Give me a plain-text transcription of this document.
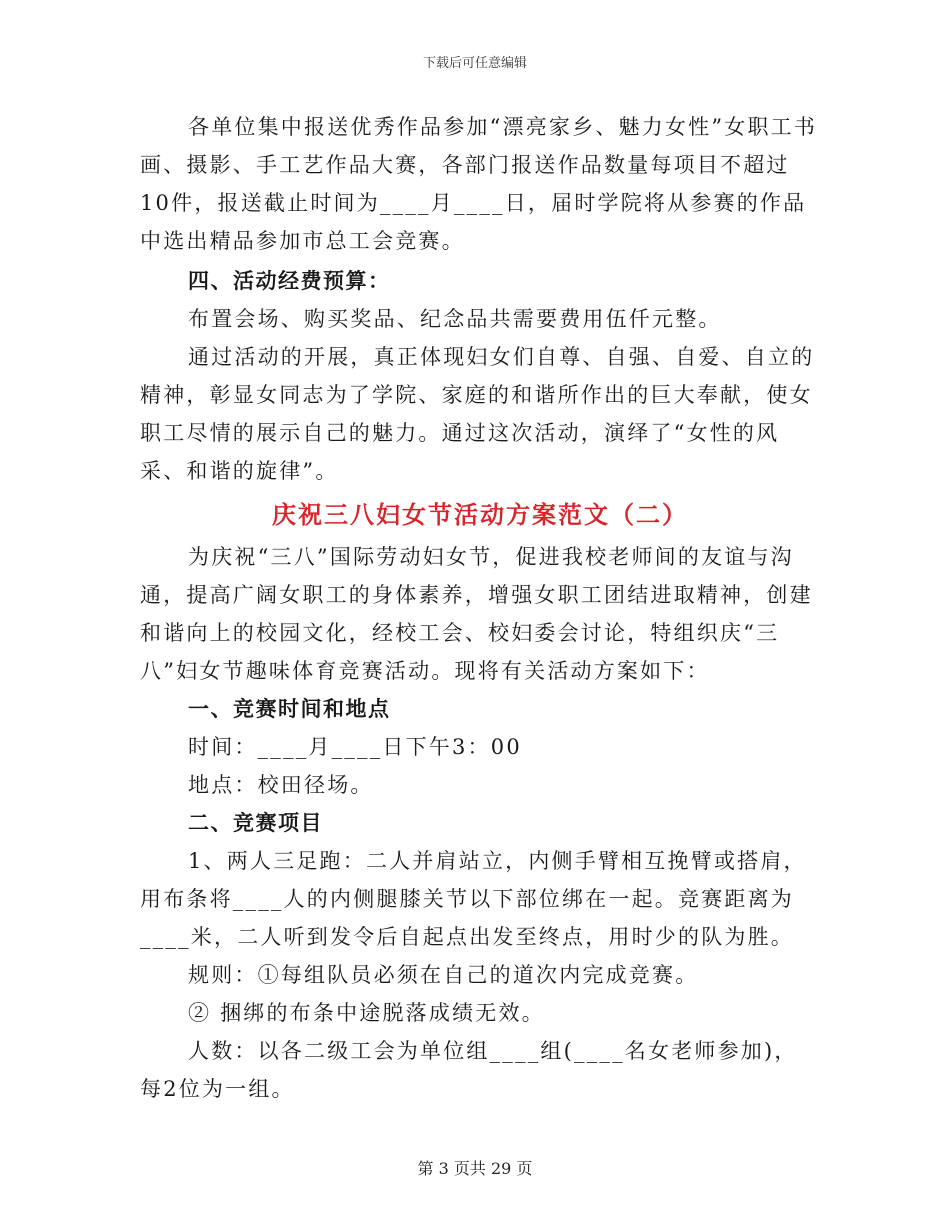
下载后可任意编辑

各单位集中报送优秀作品参加“漂亮家乡、魅力女性”女职工书画、摄影、手工艺作品大赛，各部门报送作品数量每项目不超过10件，报送截止时间为____月____日，届时学院将从参赛的作品中选出精品参加市总工会竞赛。

四、活动经费预算：

布置会场、购买奖品、纪念品共需要费用伍仟元整。

通过活动的开展，真正体现妇女们自尊、自强、自爱、自立的精神，彰显女同志为了学院、家庭的和谐所作出的巨大奉献，使女职工尽情的展示自己的魅力。通过这次活动，演绎了“女性的风采、和谐的旋律”。

庆祝三八妇女节活动方案范文（二）

为庆祝“三八”国际劳动妇女节，促进我校老师间的友谊与沟通，提高广阔女职工的身体素养，增强女职工团结进取精神，创建和谐向上的校园文化，经校工会、校妇委会讨论，特组织庆“三八”妇女节趣味体育竞赛活动。现将有关活动方案如下：

一、竞赛时间和地点

时间：____月____日下午3：00

地点：校田径场。

二、竞赛项目

1、两人三足跑：二人并肩站立，内侧手臂相互挽臂或搭肩，用布条将____人的内侧腿膝关节以下部位绑在一起。竞赛距离为____米，二人听到发令后自起点出发至终点，用时少的队为胜。

规则：①每组队员必须在自己的道次内完成竞赛。

② 捆绑的布条中途脱落成绩无效。

人数：以各二级工会为单位组____组(____名女老师参加)，每2位为一组。

第 3 页共 29 页
